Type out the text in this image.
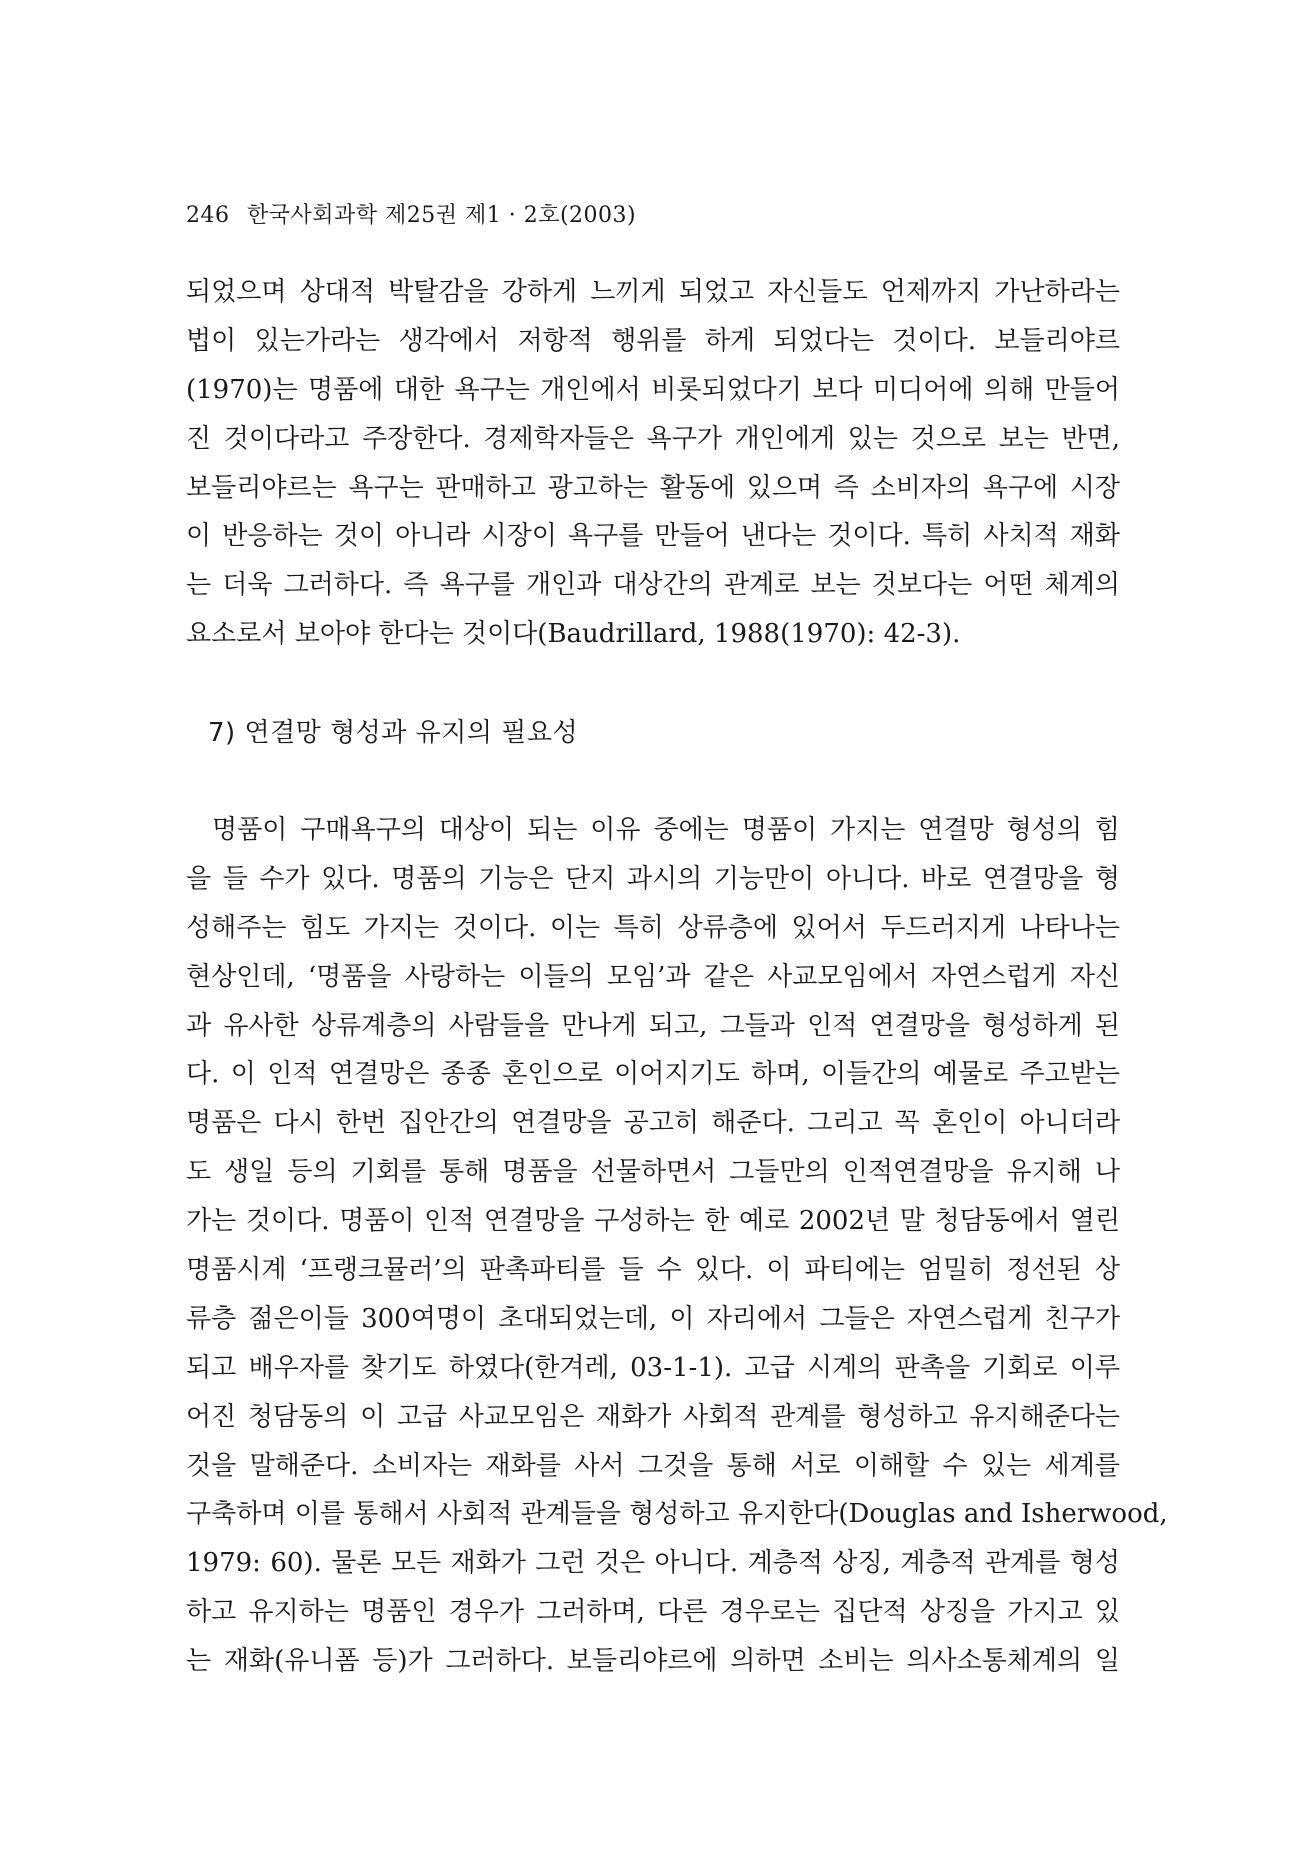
246 한국사회과학 제25권 제1 · 2호(2003)
되었으며 상대적 박탈감을 강하게 느끼게 되었고 자신들도 언제까지 가난하라는
법이 있는가라는 생각에서 저항적 행위를 하게 되었다는 것이다. 보들리야르
(1970)는 명품에 대한 욕구는 개인에서 비롯되었다기 보다 미디어에 의해 만들어
진 것이다라고 주장한다. 경제학자들은 욕구가 개인에게 있는 것으로 보는 반면,
보들리야르는 욕구는 판매하고 광고하는 활동에 있으며 즉 소비자의 욕구에 시장
이 반응하는 것이 아니라 시장이 욕구를 만들어 낸다는 것이다. 특히 사치적 재화
는 더욱 그러하다. 즉 욕구를 개인과 대상간의 관계로 보는 것보다는 어떤 체계의
요소로서 보아야 한다는 것이다(Baudrillard, 1988(1970): 42-3).
7) 연결망 형성과 유지의 필요성
명품이 구매욕구의 대상이 되는 이유 중에는 명품이 가지는 연결망 형성의 힘
을 들 수가 있다. 명품의 기능은 단지 과시의 기능만이 아니다. 바로 연결망을 형
성해주는 힘도 가지는 것이다. 이는 특히 상류층에 있어서 두드러지게 나타나는
현상인데, ‘명품을 사랑하는 이들의 모임’과 같은 사교모임에서 자연스럽게 자신
과 유사한 상류계층의 사람들을 만나게 되고, 그들과 인적 연결망을 형성하게 된
다. 이 인적 연결망은 종종 혼인으로 이어지기도 하며, 이들간의 예물로 주고받는
명품은 다시 한번 집안간의 연결망을 공고히 해준다. 그리고 꼭 혼인이 아니더라
도 생일 등의 기회를 통해 명품을 선물하면서 그들만의 인적연결망을 유지해 나
가는 것이다. 명품이 인적 연결망을 구성하는 한 예로 2002년 말 청담동에서 열린
명품시계 ‘프랭크뮬러’의 판촉파티를 들 수 있다. 이 파티에는 엄밀히 정선된 상
류층 젊은이들 300여명이 초대되었는데, 이 자리에서 그들은 자연스럽게 친구가
되고 배우자를 찾기도 하였다(한겨레, 03-1-1). 고급 시계의 판촉을 기회로 이루
어진 청담동의 이 고급 사교모임은 재화가 사회적 관계를 형성하고 유지해준다는
것을 말해준다. 소비자는 재화를 사서 그것을 통해 서로 이해할 수 있는 세계를
구축하며 이를 통해서 사회적 관계들을 형성하고 유지한다(Douglas and Isherwood,
1979: 60). 물론 모든 재화가 그런 것은 아니다. 계층적 상징, 계층적 관계를 형성
하고 유지하는 명품인 경우가 그러하며, 다른 경우로는 집단적 상징을 가지고 있
는 재화(유니폼 등)가 그러하다. 보들리야르에 의하면 소비는 의사소통체계의 일
